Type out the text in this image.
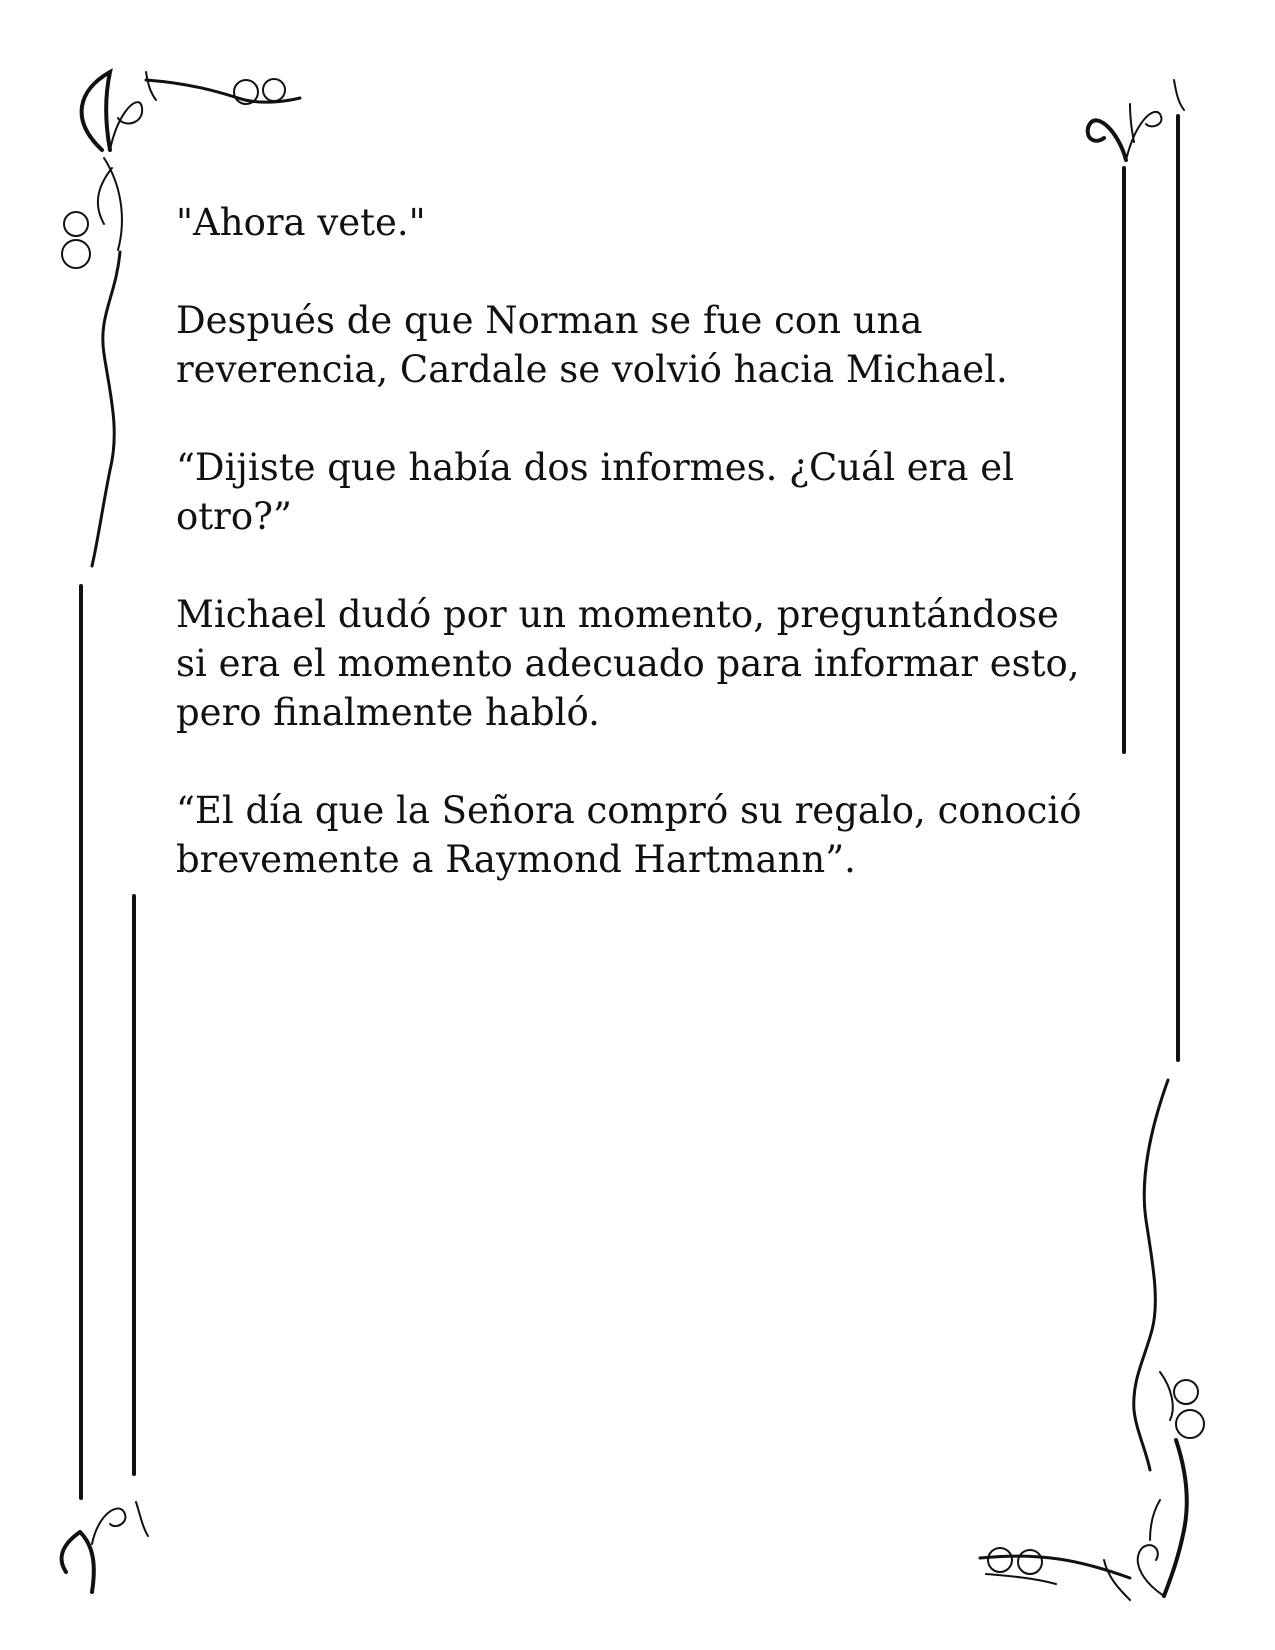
"Ahora vete."

Después de que Norman se fue con una
reverencia, Cardale se volvió hacia Michael.

“Dijiste que había dos informes. ¿Cuál era el
otro?”

Michael dudó por un momento, preguntándose
si era el momento adecuado para informar esto,
pero finalmente habló.

“El día que la Señora compró su regalo, conoció
brevemente a Raymond Hartmann”.
